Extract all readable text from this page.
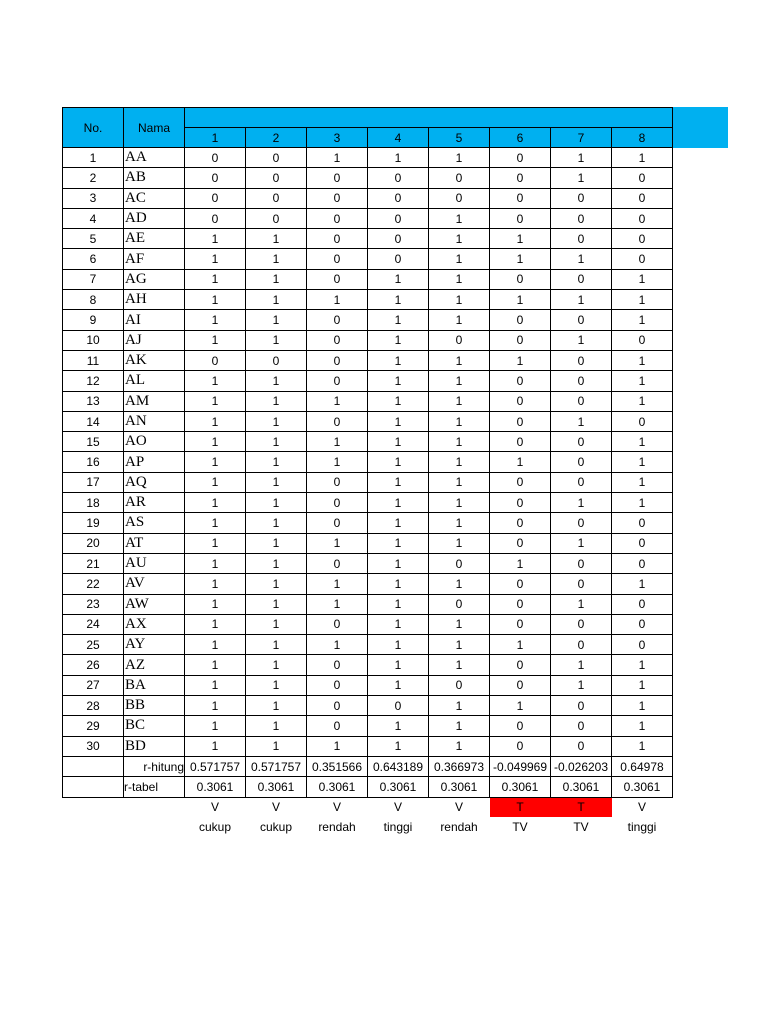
No.	Nama								
		1	2	3	4	5	6	7	8
1	AA	0	0	1	1	1	0	1	1
2	AB	0	0	0	0	0	0	1	0
3	AC	0	0	0	0	0	0	0	0
4	AD	0	0	0	0	1	0	0	0
5	AE	1	1	0	0	1	1	0	0
6	AF	1	1	0	0	1	1	1	0
7	AG	1	1	0	1	1	0	0	1
8	AH	1	1	1	1	1	1	1	1
9	AI	1	1	0	1	1	0	0	1
10	AJ	1	1	0	1	0	0	1	0
11	AK	0	0	0	1	1	1	0	1
12	AL	1	1	0	1	1	0	0	1
13	AM	1	1	1	1	1	0	0	1
14	AN	1	1	0	1	1	0	1	0
15	AO	1	1	1	1	1	0	0	1
16	AP	1	1	1	1	1	1	0	1
17	AQ	1	1	0	1	1	0	0	1
18	AR	1	1	0	1	1	0	1	1
19	AS	1	1	0	1	1	0	0	0
20	AT	1	1	1	1	1	0	1	0
21	AU	1	1	0	1	0	1	0	0
22	AV	1	1	1	1	1	0	0	1
23	AW	1	1	1	1	0	0	1	0
24	AX	1	1	0	1	1	0	0	0
25	AY	1	1	1	1	1	1	0	0
26	AZ	1	1	0	1	1	0	1	1
27	BA	1	1	0	1	0	0	1	1
28	BB	1	1	0	0	1	1	0	1
29	BC	1	1	0	1	1	0	0	1
30	BD	1	1	1	1	1	0	0	1
	r-hitung	0.571757	0.571757	0.351566	0.643189	0.366973	-0.049969	-0.026203	0.64978
	r-tabel	0.3061	0.3061	0.3061	0.3061	0.3061	0.3061	0.3061	0.3061
		V	V	V	V	V	T	T	V
		cukup	cukup	rendah	tinggi	rendah	TV	TV	tinggi
